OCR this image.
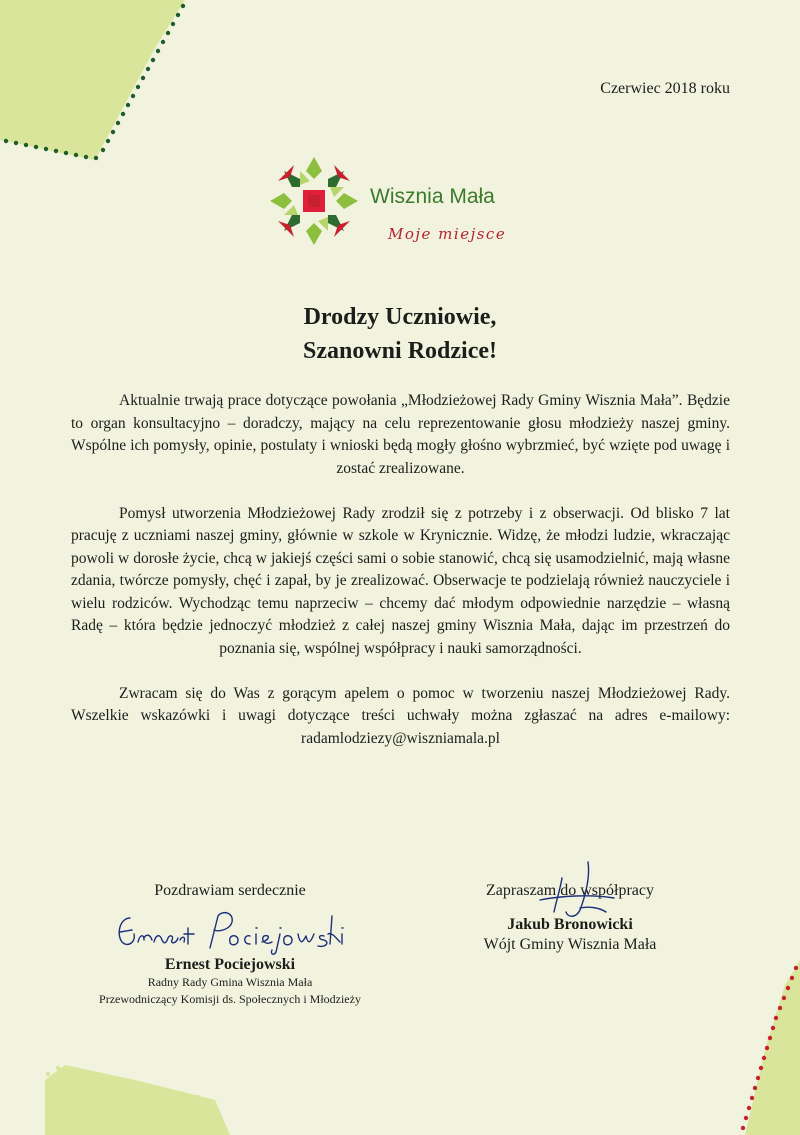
Czerwiec 2018 roku
Wisznia Mała
Moje miejsce
Drodzy Uczniowie,
Szanowni Rodzice!

Aktualnie trwają prace dotyczące powołania „Młodzieżowej Rady Gminy Wisznia Mała”. Będzie to organ konsultacyjno – doradczy, mający na celu reprezentowanie głosu młodzieży naszej gminy. Wspólne ich pomysły, opinie, postulaty i wnioski będą mogły głośno wybrzmieć, być wzięte pod uwagę i zostać zrealizowane.

Pomysł utworzenia Młodzieżowej Rady zrodził się z potrzeby i z obserwacji. Od blisko 7 lat pracuję z uczniami naszej gminy, głównie w szkole w Krynicznie. Widzę, że młodzi ludzie, wkraczając powoli w dorosłe życie, chcą w jakiejś części sami o sobie stanowić, chcą się usamodzielnić, mają własne zdania, twórcze pomysły, chęć i zapał, by je zrealizować. Obserwacje te podzielają również nauczyciele i wielu rodziców. Wychodząc temu naprzeciw – chcemy dać młodym odpowiednie narzędzie – własną Radę – która będzie jednoczyć młodzież z całej naszej gminy Wisznia Mała, dając im przestrzeń do poznania się, wspólnej współpracy i nauki samorządności.

Zwracam się do Was z gorącym apelem o pomoc w tworzeniu naszej Młodzieżowej Rady. Wszelkie wskazówki i uwagi dotyczące treści uchwały można zgłaszać na adres e-mailowy: radamlodziezy@wiszniamala.pl

Pozdrawiam serdecznie
Ernest Pociejowski
Radny Rady Gmina Wisznia Mała
Przewodniczący Komisji ds. Społecznych i Młodzieży
Zapraszam do współpracy
Jakub Bronowicki
Wójt Gminy Wisznia Mała
